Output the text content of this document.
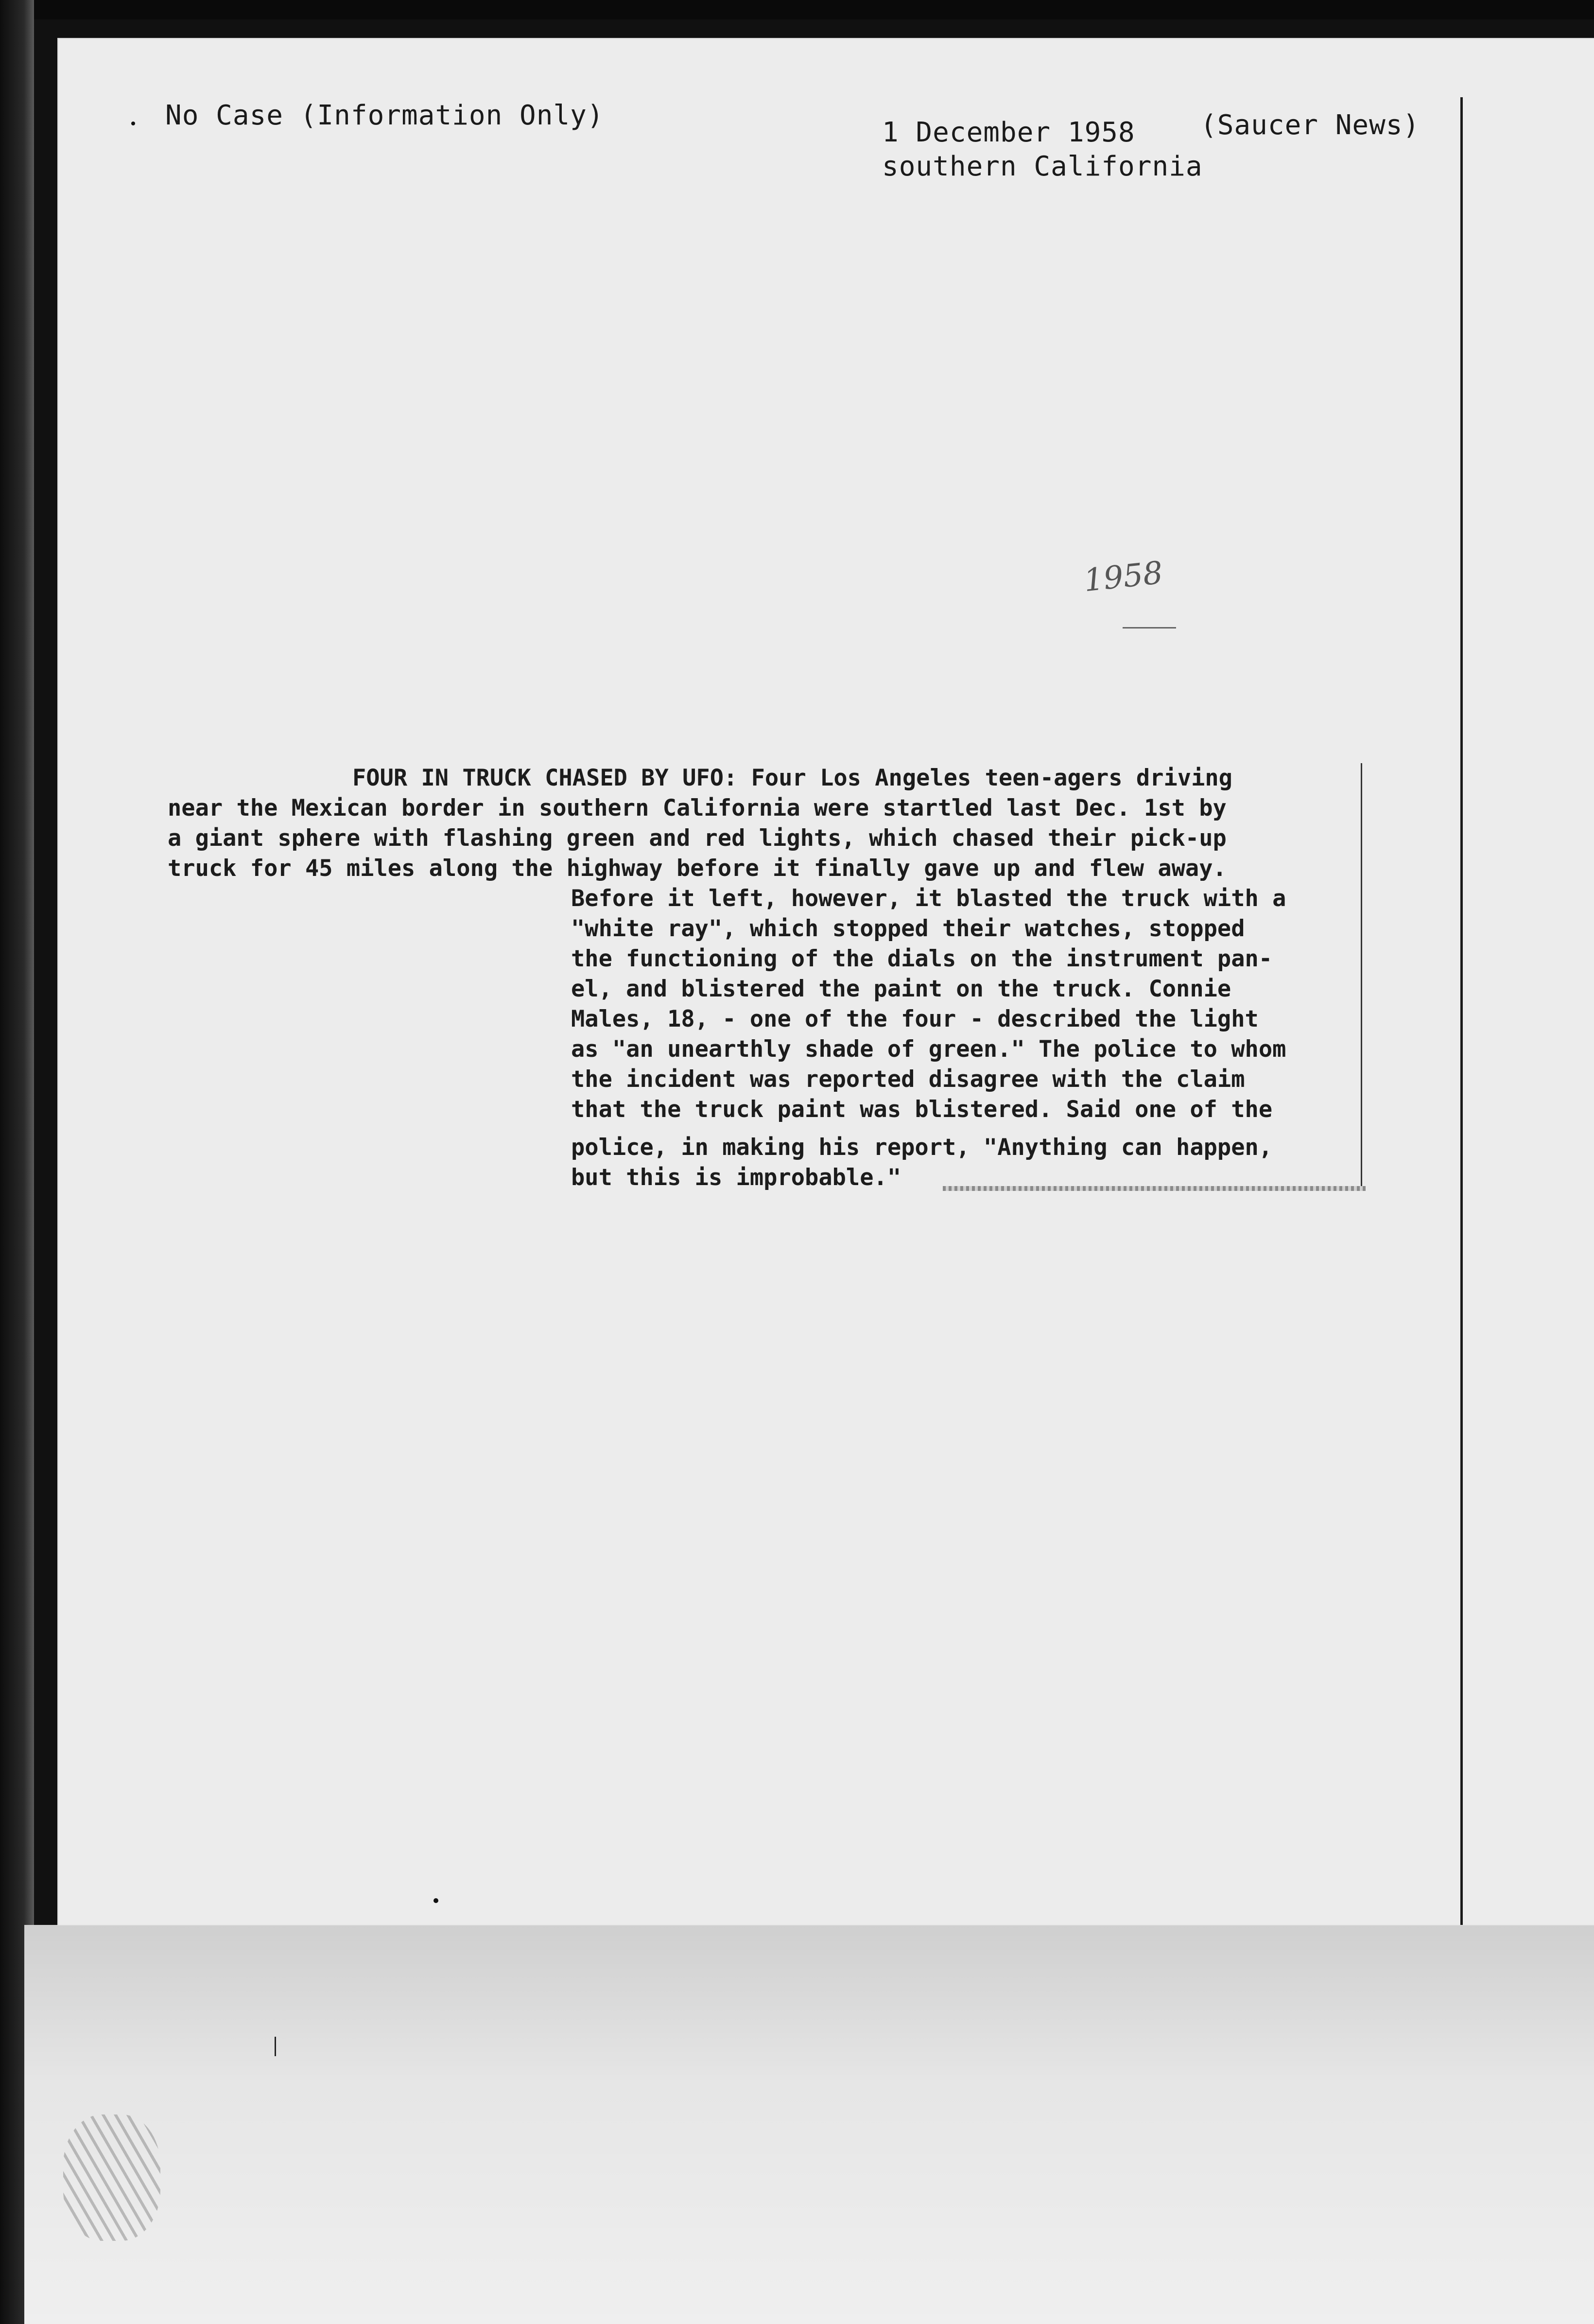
No Case (Information Only)
1 December 1958
southern California
(Saucer News)
1958
FOUR IN TRUCK CHASED BY UFO: Four Los Angeles teen-agers driving
near the Mexican border in southern California were startled last Dec. 1st by
a giant sphere with flashing green and red lights, which chased their pick-up
truck for 45 miles along the highway before it finally gave up and flew away.
Before it left, however, it blasted the truck with a
"white ray", which stopped their watches, stopped
the functioning of the dials on the instrument pan-
el, and blistered the paint on the truck. Connie
Males, 18, - one of the four - described the light
as "an unearthly shade of green." The police to whom
the incident was reported disagree with the claim
that the truck paint was blistered. Said one of the
police, in making his report, "Anything can happen,
but this is improbable."
